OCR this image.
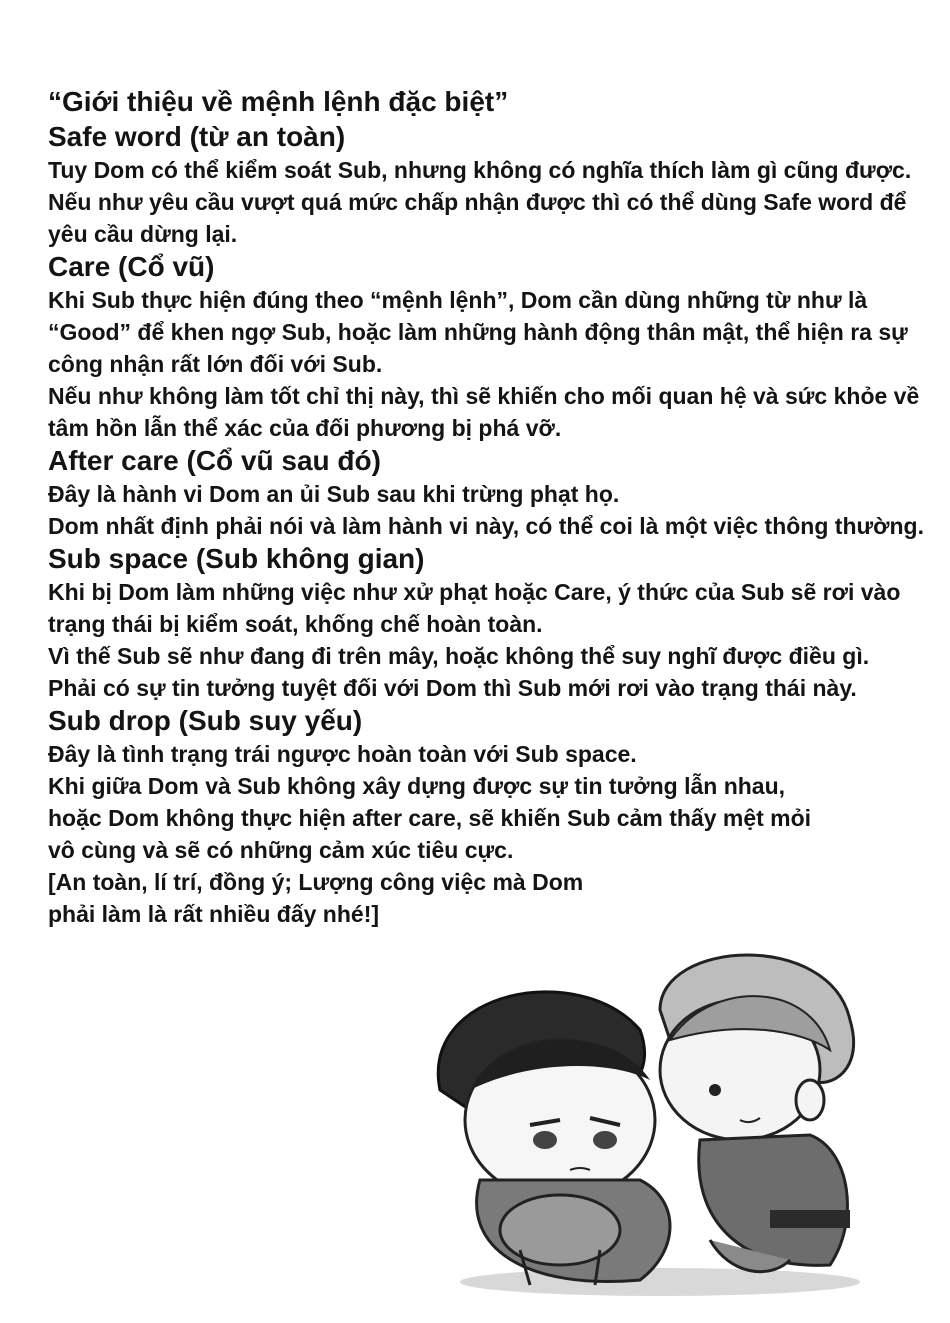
“Giới thiệu về mệnh lệnh đặc biệt”

Safe word (từ an toàn)

Tuy Dom có thể kiểm soát Sub, nhưng không có nghĩa thích làm gì cũng được.

Nếu như yêu cầu vượt quá mức chấp nhận được thì có thể dùng Safe word để yêu cầu dừng lại.

Care (Cổ vũ)

Khi Sub thực hiện đúng theo “mệnh lệnh”, Dom cần dùng những từ như là “Good” để khen ngợ Sub, hoặc làm những hành động thân mật, thể hiện ra sự công nhận rất lớn đối với Sub.

Nếu như không làm tốt chỉ thị này, thì sẽ khiến cho mối quan hệ và sức khỏe về tâm hồn lẫn thể xác của đối phương bị phá vỡ.

After care (Cổ vũ sau đó)

Đây là hành vi Dom an ủi Sub sau khi trừng phạt họ.

Dom nhất định phải nói và làm hành vi này, có thể coi là một việc thông thường.

Sub space (Sub không gian)

Khi bị Dom làm những việc như xử phạt hoặc Care, ý thức của Sub sẽ rơi vào trạng thái bị kiểm soát, khống chế hoàn toàn.

Vì thế Sub sẽ như đang đi trên mây, hoặc không thể suy nghĩ được điều gì.

Phải có sự tin tưởng tuyệt đối với Dom thì Sub mới rơi vào trạng thái này.

Sub drop (Sub suy yếu)

Đây là tình trạng trái ngược hoàn toàn với Sub space.

Khi giữa Dom và Sub không xây dựng được sự tin tưởng lẫn nhau, hoặc Dom không thực hiện after care, sẽ khiến Sub cảm thấy mệt mỏi vô cùng và sẽ có những cảm xúc tiêu cực.

[An toàn, lí trí, đồng ý; Lượng công việc mà Dom phải làm là rất nhiều đấy nhé!]
